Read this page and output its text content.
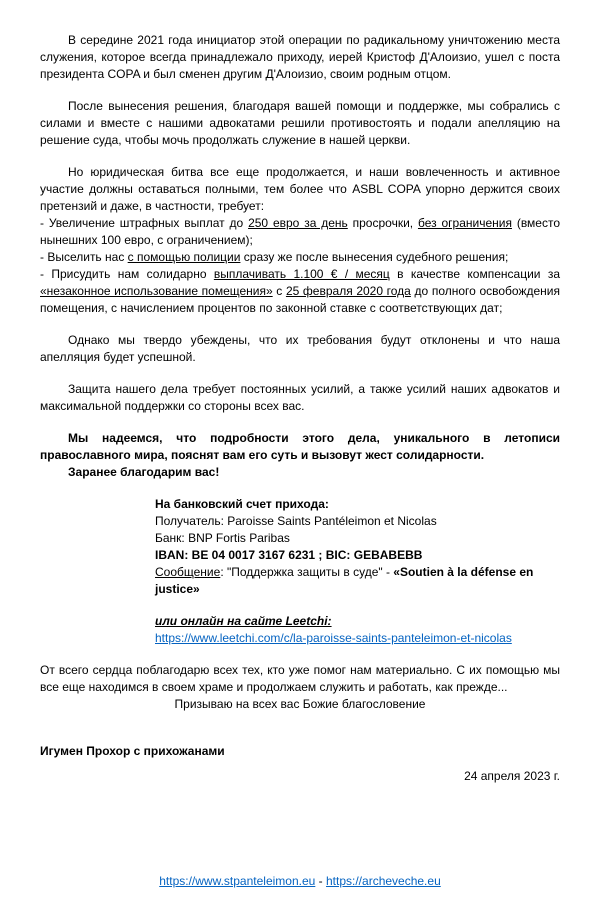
В середине 2021 года инициатор этой операции по радикальному уничтожению места служения, которое всегда принадлежало приходу, иерей Кристоф Д'Алоизио, ушел с поста президента COPA и был сменен другим Д'Алоизио, своим родным отцом.

После вынесения решения, благодаря вашей помощи и поддержке, мы собрались с силами и вместе с нашими адвокатами решили противостоять и подали апелляцию на решение суда, чтобы мочь продолжать служение в нашей церкви.

Но юридическая битва все еще продолжается, и наши вовлеченность и активное участие должны оставаться полными, тем более что ASBL COPA упорно держится своих претензий и даже, в частности, требует:

- Увеличение штрафных выплат до 250 евро за день просрочки, без ограничения (вместо нынешних 100 евро, с ограничением);

- Выселить нас с помощью полиции сразу же после вынесения судебного решения;

- Присудить нам солидарно выплачивать 1.100 € / месяц в качестве компенсации за «незаконное использование помещения» с 25 февраля 2020 года до полного освобождения помещения, с начислением процентов по законной ставке с соответствующих дат;

Однако мы твердо убеждены, что их требования будут отклонены и что наша апелляция будет успешной.

Защита нашего дела требует постоянных усилий, а также усилий наших адвокатов и максимальной поддержки со стороны всех вас.

Мы надеемся, что подробности этого дела, уникального в летописи православного мира, пояснят вам его суть и вызовут жест солидарности.

Заранее благодарим вас!

На банковский счет прихода:

Получатель: Paroisse Saints Pantéleimon et Nicolas

Банк: BNP Fortis Paribas

IBAN: BE 04 0017 3167 6231 ; BIC: GEBABEBB

Сообщение: "Поддержка защиты в суде" - «Soutien à la défense en justice»

или онлайн на сайте Leetchi:

https://www.leetchi.com/c/la-paroisse-saints-panteleimon-et-nicolas

От всего сердца поблагодарю всех тех, кто уже помог нам материально. С их помощью мы все еще находимся в своем храме и продолжаем служить и работать, как прежде...

Призываю на всех вас Божие благословение

Игумен Прохор с прихожанами

24 апреля 2023 г.

https://www.stpanteleimon.eu - https://archeveche.eu
